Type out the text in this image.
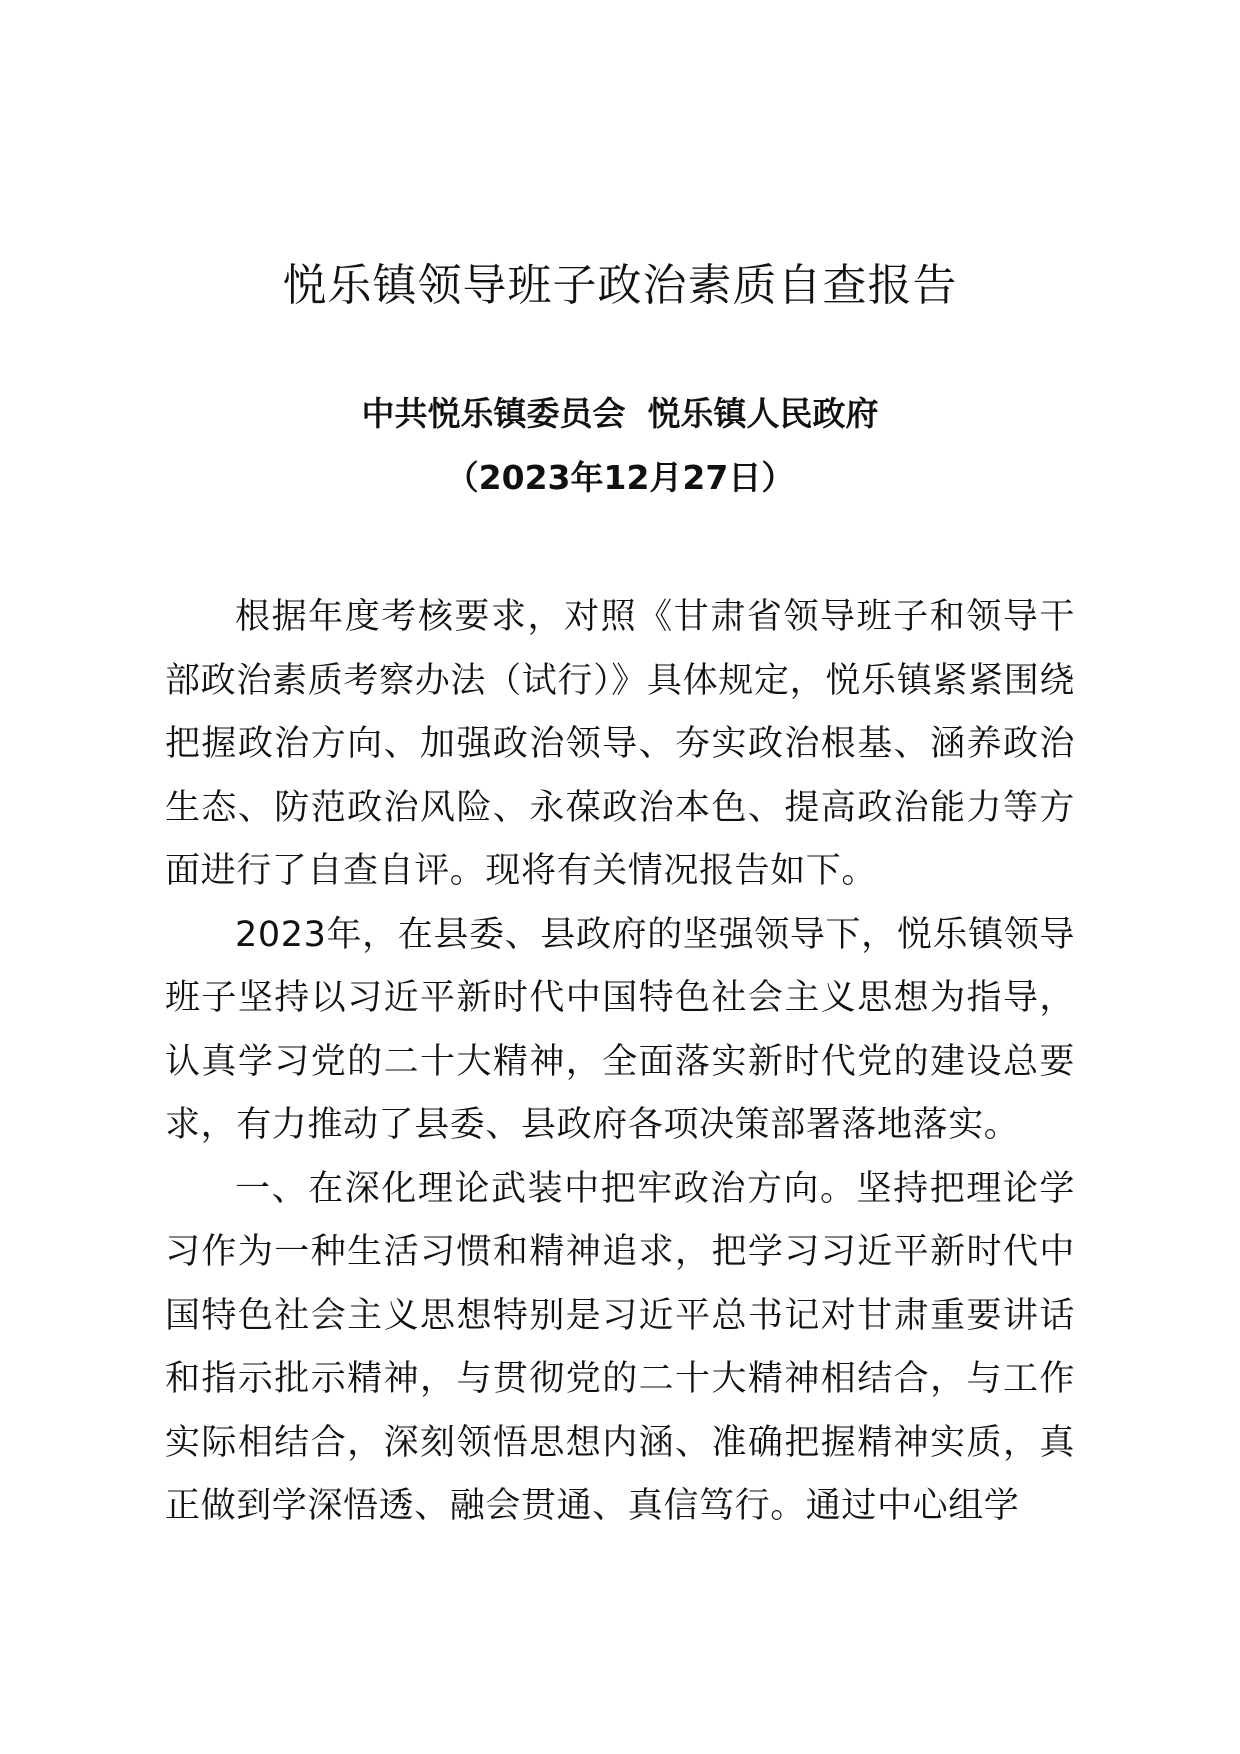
悦乐镇领导班子政治素质自查报告

中共悦乐镇委员会 悦乐镇人民政府

（2023年12月27日）

根据年度考核要求，对照《甘肃省领导班子和领导干部政治素质考察办法（试行）》具体规定，悦乐镇紧紧围绕把握政治方向、加强政治领导、夯实政治根基、涵养政治生态、防范政治风险、永葆政治本色、提高政治能力等方面进行了自查自评。现将有关情况报告如下。

2023年，在县委、县政府的坚强领导下，悦乐镇领导班子坚持以习近平新时代中国特色社会主义思想为指导，认真学习党的二十大精神，全面落实新时代党的建设总要求，有力推动了县委、县政府各项决策部署落地落实。

一、在深化理论武装中把牢政治方向。坚持把理论学习作为一种生活习惯和精神追求，把学习习近平新时代中国特色社会主义思想特别是习近平总书记对甘肃重要讲话和指示批示精神，与贯彻党的二十大精神相结合，与工作实际相结合，深刻领悟思想内涵、准确把握精神实质，真正做到学深悟透、融会贯通、真信笃行。通过中心组学
